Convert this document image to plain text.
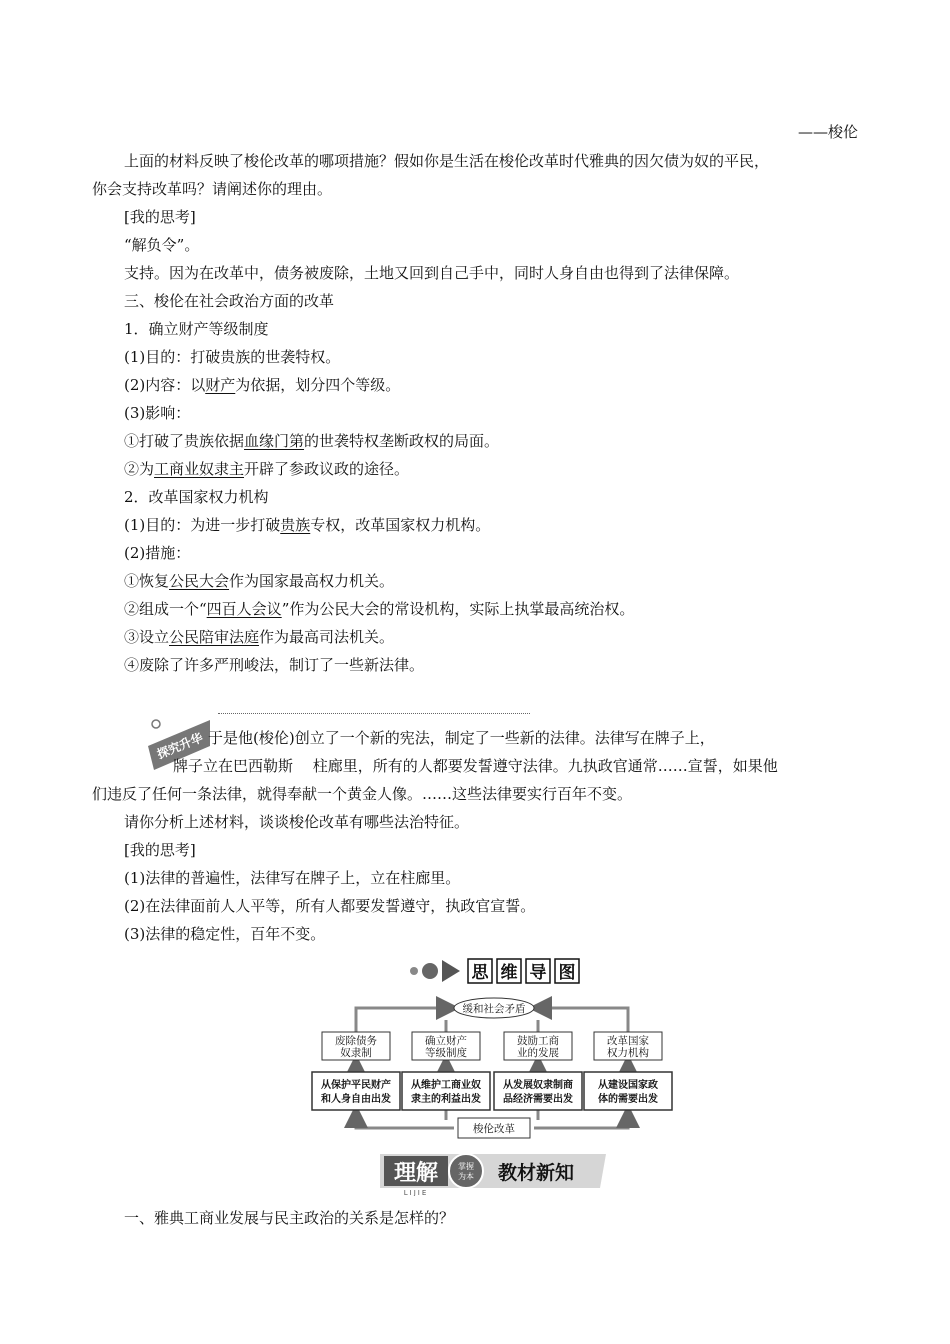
——梭伦
上面的材料反映了梭伦改革的哪项措施？假如你是生活在梭伦改革时代雅典的因欠债为奴的平民，
你会支持改革吗？请阐述你的理由。
[我的思考]
“解负令”。
支持。因为在改革中，债务被废除，土地又回到自己手中，同时人身自由也得到了法律保障。
三、梭伦在社会政治方面的改革
1．确立财产等级制度
(1)目的：打破贵族的世袭特权。
(2)内容：以财产为依据，划分四个等级。
(3)影响：
①打破了贵族依据血缘门第的世袭特权垄断政权的局面。
②为工商业奴隶主开辟了参政议政的途径。
2．改革国家权力机构
(1)目的：为进一步打破贵族专权，改革国家权力机构。
(2)措施：
①恢复公民大会作为国家最高权力机关。
②组成一个“四百人会议”作为公民大会的常设机构，实际上执掌最高统治权。
③设立公民陪审法庭作为最高司法机关。
④废除了许多严刑峻法，制订了一些新法律。
探究升华 于是他(梭伦)创立了一个新的宪法，制定了一些新的法律。法律写在牌子上，
牌子立在巴西勒斯　 柱廊里，所有的人都要发誓遵守法律。九执政官通常……宣誓，如果他
们违反了任何一条法律，就得奉献一个黄金人像。……这些法律要实行百年不变。
请你分析上述材料，谈谈梭伦改革有哪些法治特征。
[我的思考]
(1)法律的普遍性，法律写在牌子上，立在柱廊里。
(2)在法律面前人人平等，所有人都要发誓遵守，执政官宣誓。
(3)法律的稳定性，百年不变。
思 维 导 图
缓和社会矛盾
废除债务
奴隶制
确立财产
等级制度
鼓励工商
业的发展
改革国家
权力机构
从保护平民财产
和人身自由出发
从维护工商业奴
隶主的利益出发
从发展奴隶制商
品经济需要出发
从建设国家政
体的需要出发
梭伦改革
理解
LIJIE
掌握
为本 教材新知
一、雅典工商业发展与民主政治的关系是怎样的？
